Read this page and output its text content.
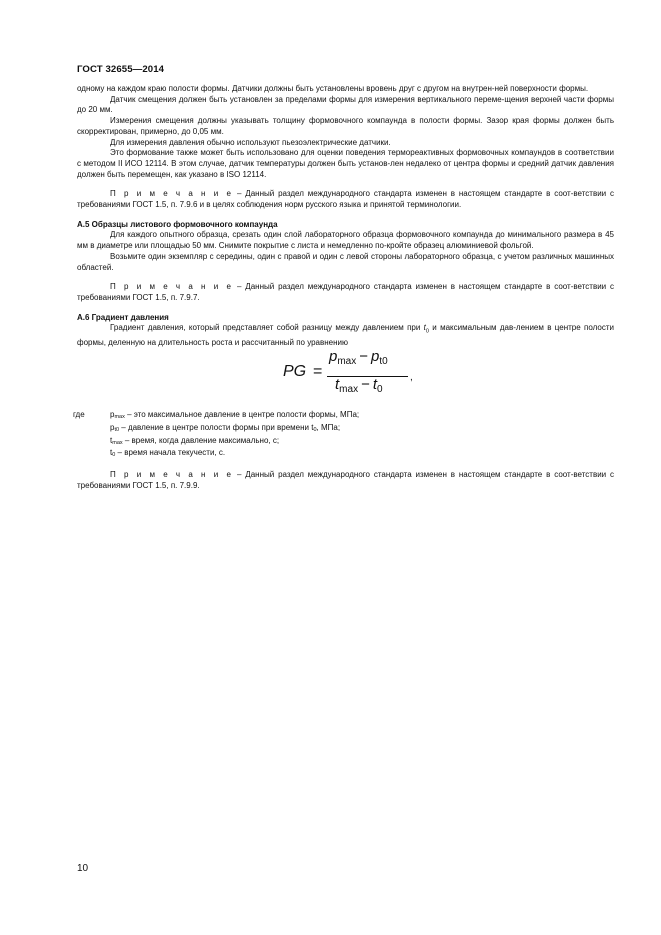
ГОСТ 32655—2014

одному на каждом краю полости формы. Датчики должны быть установлены вровень друг с другом на внутрен-ней поверхности формы.

Датчик смещения должен быть установлен за пределами формы для измерения вертикального переме-щения верхней части формы до 20 мм.

Измерения смещения должны указывать толщину формовочного компаунда в полости формы. Зазор края формы должен быть скорректирован, примерно, до 0,05 мм.

Для измерения давления обычно используют пьезоэлектрические датчики.

Это формование также может быть использовано для оценки поведения термореактивных формовочных компаундов в соответствии с методом II ИСО 12114. В этом случае, датчик температуры должен быть установ-лен недалеко от центра формы и средний датчик давления должен быть перемещен, как указано в ISO 12114.

П р и м е ч а н и е – Данный раздел международного стандарта изменен в настоящем стандарте в соот-ветствии с требованиями ГОСТ 1.5, п. 7.9.6 и в целях соблюдения норм русского языка и принятой терминологии.

А.5 Образцы листового формовочного компаунда

Для каждого опытного образца, срезать один слой лабораторного образца формовочного компаунда до минимального размера в 45 мм в диаметре или площадью 50 мм. Снимите покрытие с листа и немедленно по-кройте образец алюминиевой фольгой.

Возьмите один экземпляр с середины, один с правой и один с левой стороны лабораторного образца, с учетом различных машинных областей.

П р и м е ч а н и е – Данный раздел международного стандарта изменен в настоящем стандарте в соот-ветствии с требованиями ГОСТ 1.5, п. 7.9.7.

А.6 Градиент давления

Градиент давления, который представляет собой разницу между давлением при $t_0$ и максимальным дав-лением в центре полости формы, деленную на длительность роста и рассчитанный по уравнению

PG =
$p_{max} - p_{t0}$
$t_{max} - t_0$
,
где	$p_{max}$ – это максимальное давление в центре полости формы, МПа;
$p_{t0}$ – давление в центре полости формы при времени $t_0$, МПа;
$t_{max}$ – время, когда давление максимально, с;
$t_0$ – время начала текучести, с.

П р и м е ч а н и е – Данный раздел международного стандарта изменен в настоящем стандарте в соот-ветствии с требованиями ГОСТ 1.5, п. 7.9.9.

10
